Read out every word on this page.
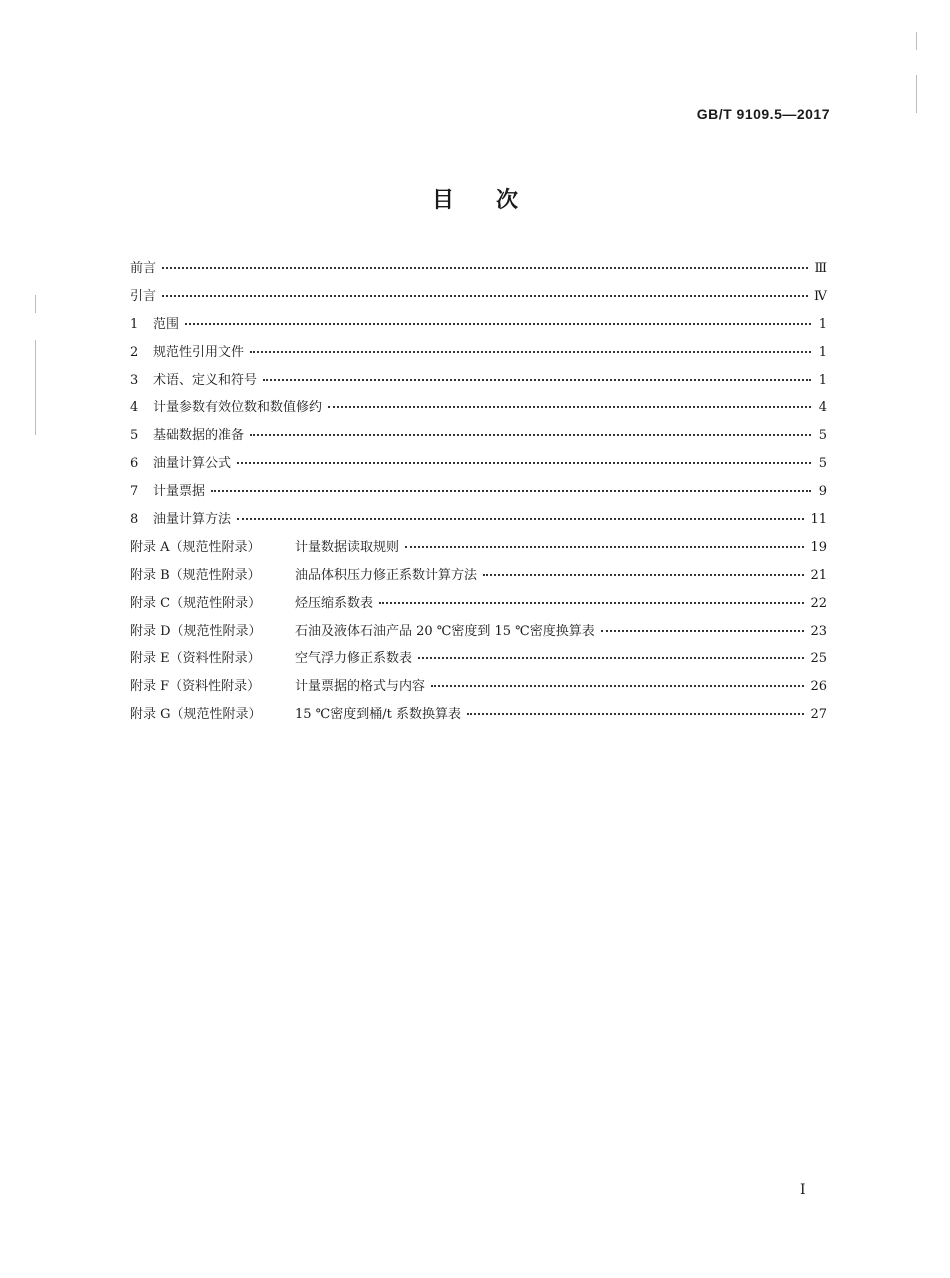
GB/T 9109.5—2017
目次
前言	Ⅲ
引言	Ⅳ
1	范围	1
2	规范性引用文件	1
3	术语、定义和符号	1
4	计量参数有效位数和数值修约	4
5	基础数据的准备	5
6	油量计算公式	5
7	计量票据	9
8	油量计算方法	11
附录 A（规范性附录）	计量数据读取规则	19
附录 B（规范性附录）	油品体积压力修正系数计算方法	21
附录 C（规范性附录）	烃压缩系数表	22
附录 D（规范性附录）	石油及液体石油产品 20 ℃密度到 15 ℃密度换算表	23
附录 E（资料性附录）	空气浮力修正系数表	25
附录 F（资料性附录）	计量票据的格式与内容	26
附录 G（规范性附录）	15 ℃密度到桶/t 系数换算表	27
I
